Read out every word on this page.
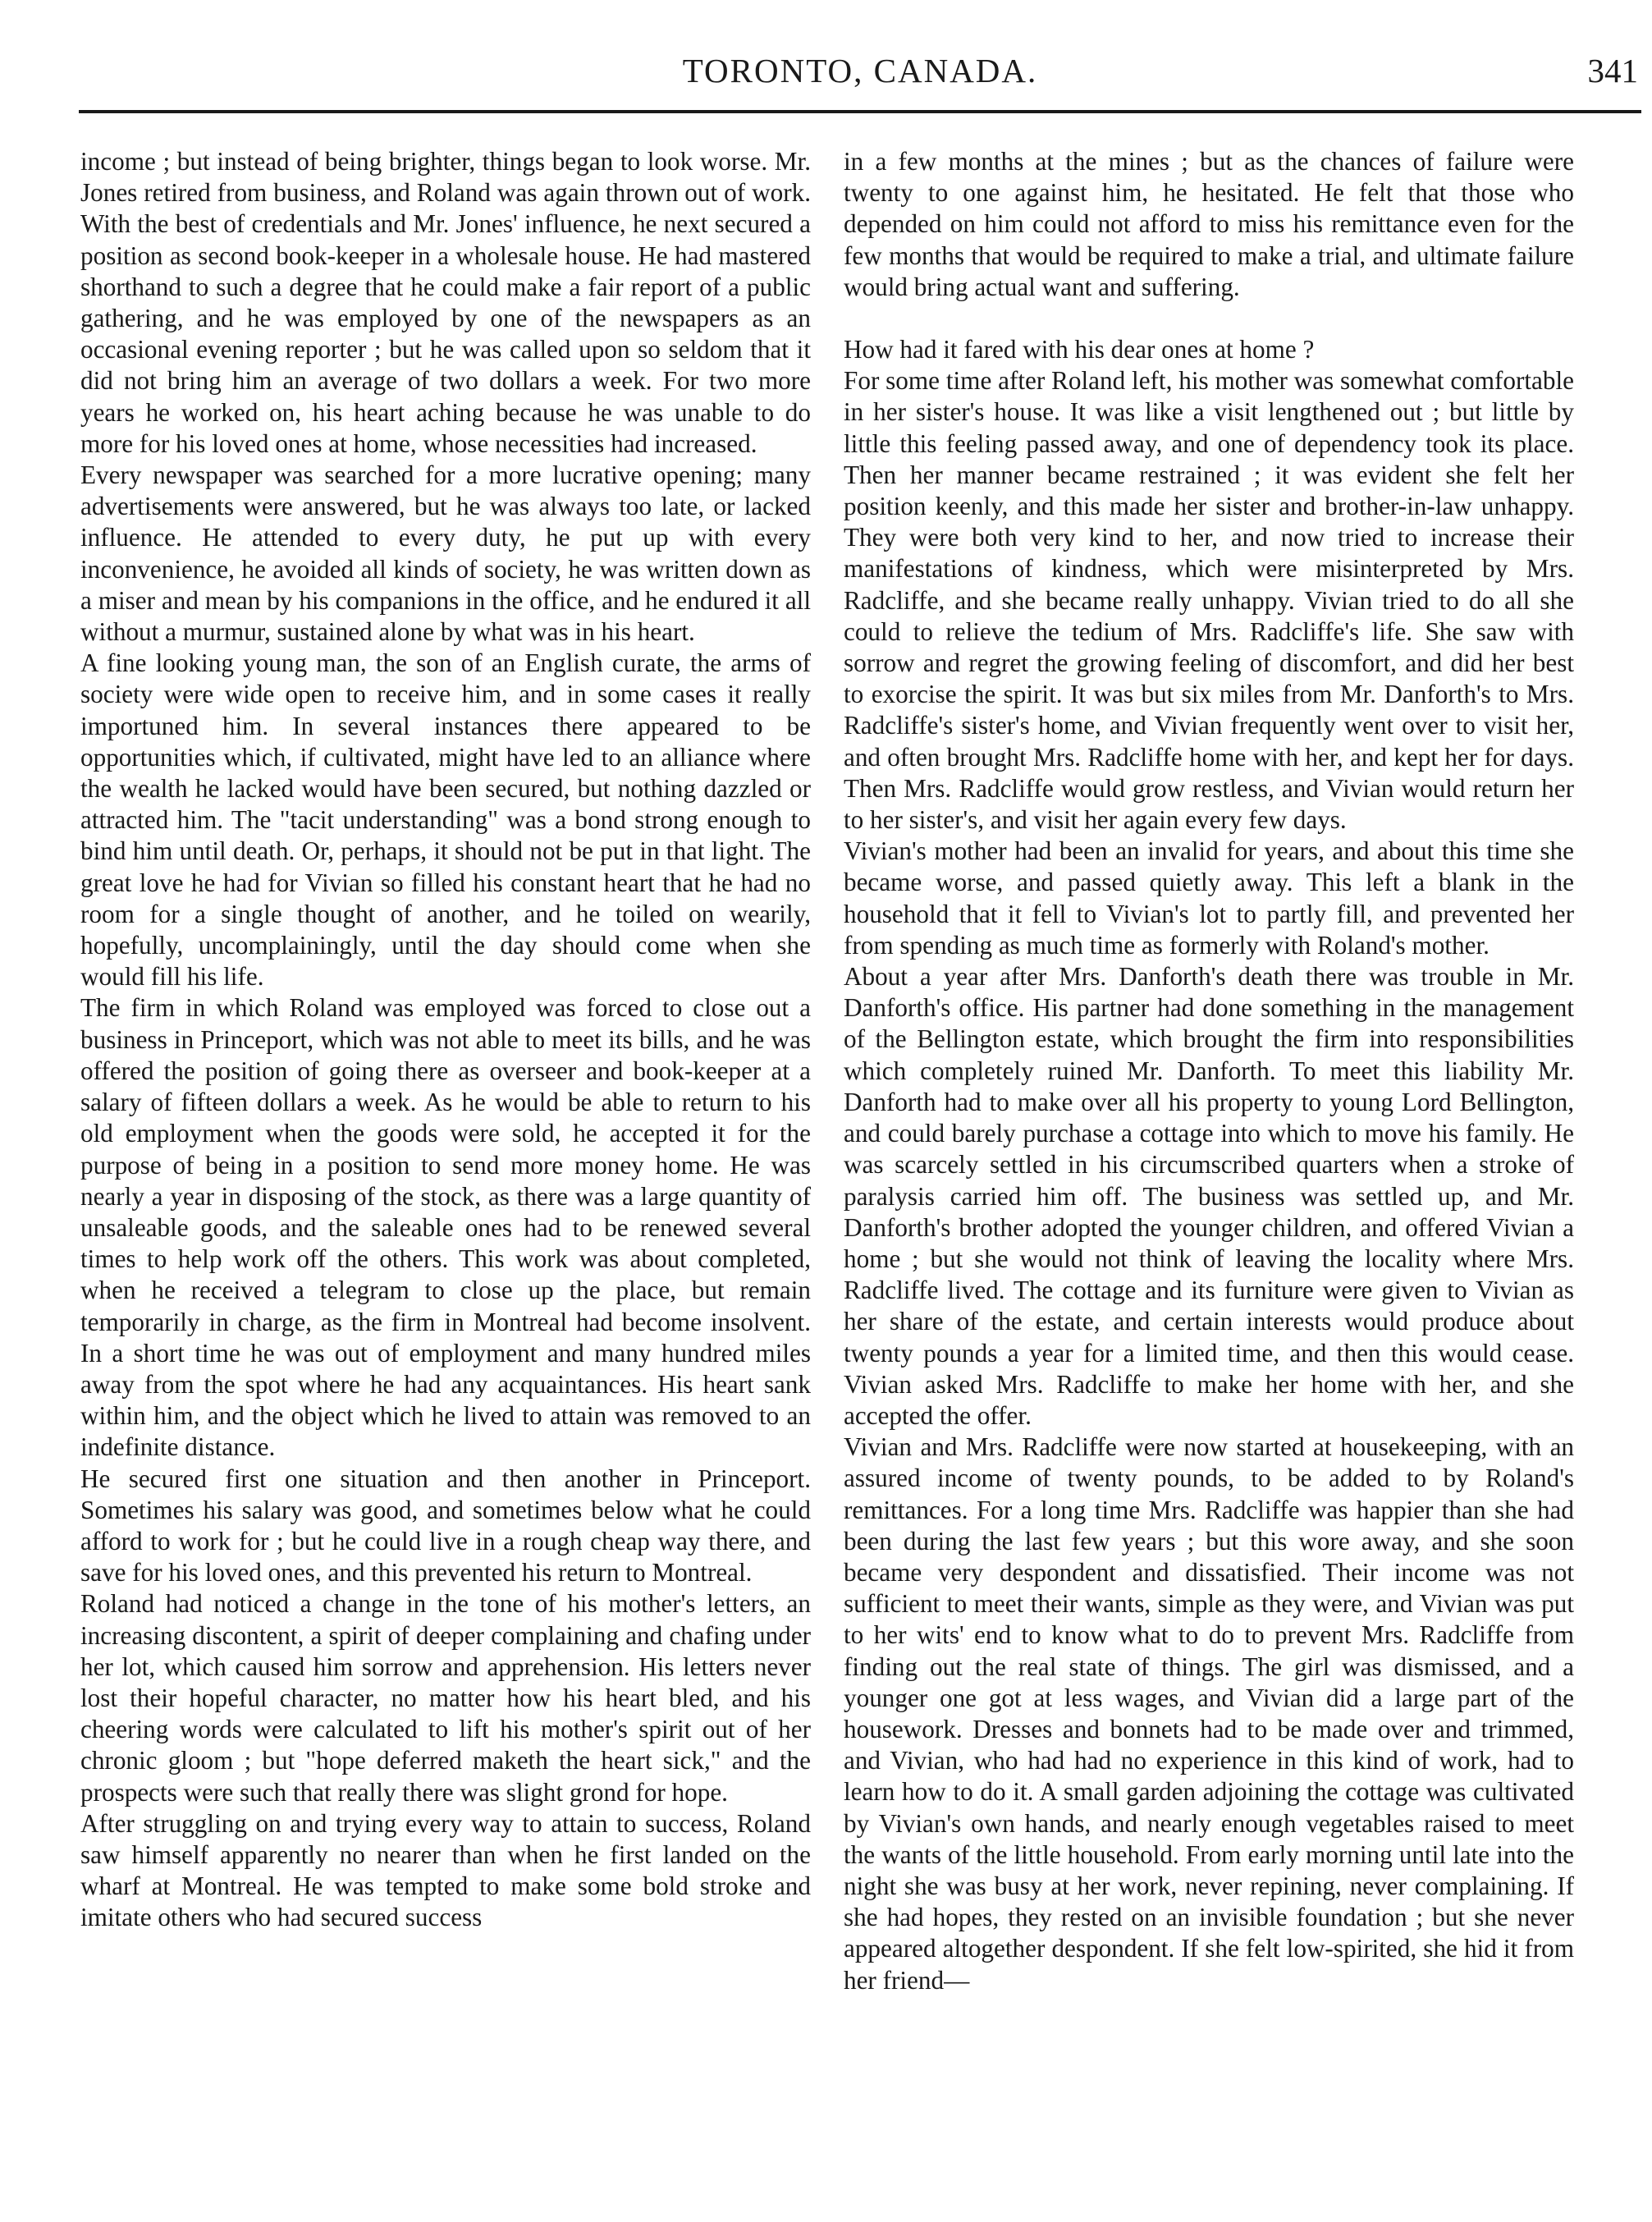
TORONTO, CANADA.	341

income ; but instead of being brighter, things began to look worse. Mr. Jones retired from business, and Roland was again thrown out of work. With the best of credentials and Mr. Jones' influence, he next secured a position as second book-keeper in a wholesale house. He had mastered shorthand to such a degree that he could make a fair report of a public gathering, and he was employed by one of the newspapers as an occasional evening reporter ; but he was called upon so seldom that it did not bring him an average of two dollars a week. For two more years he worked on, his heart aching because he was unable to do more for his loved ones at home, whose necessities had increased.

Every newspaper was searched for a more lucrative opening; many advertisements were answered, but he was always too late, or lacked influence. He attended to every duty, he put up with every inconvenience, he avoided all kinds of society, he was written down as a miser and mean by his companions in the office, and he endured it all without a murmur, sustained alone by what was in his heart.

A fine looking young man, the son of an English curate, the arms of society were wide open to receive him, and in some cases it really importuned him. In several instances there appeared to be opportunities which, if cultivated, might have led to an alliance where the wealth he lacked would have been secured, but nothing dazzled or attracted him. The "tacit understanding" was a bond strong enough to bind him until death. Or, perhaps, it should not be put in that light. The great love he had for Vivian so filled his constant heart that he had no room for a single thought of another, and he toiled on wearily, hopefully, uncomplainingly, until the day should come when she would fill his life.

The firm in which Roland was employed was forced to close out a business in Princeport, which was not able to meet its bills, and he was offered the position of going there as overseer and book-keeper at a salary of fifteen dollars a week. As he would be able to return to his old employment when the goods were sold, he accepted it for the purpose of being in a position to send more money home. He was nearly a year in disposing of the stock, as there was a large quantity of unsaleable goods, and the saleable ones had to be renewed several times to help work off the others. This work was about completed, when he received a telegram to close up the place, but remain temporarily in charge, as the firm in Montreal had become insolvent. In a short time he was out of employment and many hundred miles away from the spot where he had any acquaintances. His heart sank within him, and the object which he lived to attain was removed to an indefinite distance.

He secured first one situation and then another in Princeport. Sometimes his salary was good, and sometimes below what he could afford to work for ; but he could live in a rough cheap way there, and save for his loved ones, and this prevented his return to Montreal.

Roland had noticed a change in the tone of his mother's letters, an increasing discontent, a spirit of deeper complaining and chafing under her lot, which caused him sorrow and apprehension. His letters never lost their hopeful character, no matter how his heart bled, and his cheering words were calculated to lift his mother's spirit out of her chronic gloom ; but "hope deferred maketh the heart sick," and the prospects were such that really there was slight grond for hope.

After struggling on and trying every way to attain to success, Roland saw himself apparently no nearer than when he first landed on the wharf at Montreal. He was tempted to make some bold stroke and imitate others who had secured success

in a few months at the mines ; but as the chances of failure were twenty to one against him, he hesitated. He felt that those who depended on him could not afford to miss his remittance even for the few months that would be required to make a trial, and ultimate failure would bring actual want and suffering.

How had it fared with his dear ones at home ?

For some time after Roland left, his mother was somewhat comfortable in her sister's house. It was like a visit lengthened out ; but little by little this feeling passed away, and one of dependency took its place. Then her manner became restrained ; it was evident she felt her position keenly, and this made her sister and brother-in-law unhappy. They were both very kind to her, and now tried to increase their manifestations of kindness, which were misinterpreted by Mrs. Radcliffe, and she became really unhappy. Vivian tried to do all she could to relieve the tedium of Mrs. Radcliffe's life. She saw with sorrow and regret the growing feeling of discomfort, and did her best to exorcise the spirit. It was but six miles from Mr. Danforth's to Mrs. Radcliffe's sister's home, and Vivian frequently went over to visit her, and often brought Mrs. Radcliffe home with her, and kept her for days. Then Mrs. Radcliffe would grow restless, and Vivian would return her to her sister's, and visit her again every few days.

Vivian's mother had been an invalid for years, and about this time she became worse, and passed quietly away. This left a blank in the household that it fell to Vivian's lot to partly fill, and prevented her from spending as much time as formerly with Roland's mother.

About a year after Mrs. Danforth's death there was trouble in Mr. Danforth's office. His partner had done something in the management of the Bellington estate, which brought the firm into responsibilities which completely ruined Mr. Danforth. To meet this liability Mr. Danforth had to make over all his property to young Lord Bellington, and could barely purchase a cottage into which to move his family. He was scarcely settled in his circumscribed quarters when a stroke of paralysis carried him off. The business was settled up, and Mr. Danforth's brother adopted the younger children, and offered Vivian a home ; but she would not think of leaving the locality where Mrs. Radcliffe lived. The cottage and its furniture were given to Vivian as her share of the estate, and certain interests would produce about twenty pounds a year for a limited time, and then this would cease. Vivian asked Mrs. Radcliffe to make her home with her, and she accepted the offer.

Vivian and Mrs. Radcliffe were now started at housekeeping, with an assured income of twenty pounds, to be added to by Roland's remittances. For a long time Mrs. Radcliffe was happier than she had been during the last few years ; but this wore away, and she soon became very despondent and dissatisfied. Their income was not sufficient to meet their wants, simple as they were, and Vivian was put to her wits' end to know what to do to prevent Mrs. Radcliffe from finding out the real state of things. The girl was dismissed, and a younger one got at less wages, and Vivian did a large part of the housework. Dresses and bonnets had to be made over and trimmed, and Vivian, who had had no experience in this kind of work, had to learn how to do it. A small garden adjoining the cottage was cultivated by Vivian's own hands, and nearly enough vegetables raised to meet the wants of the little household. From early morning until late into the night she was busy at her work, never repining, never complaining. If she had hopes, they rested on an invisible foundation ; but she never appeared altogether despondent. If she felt low-spirited, she hid it from her friend—
